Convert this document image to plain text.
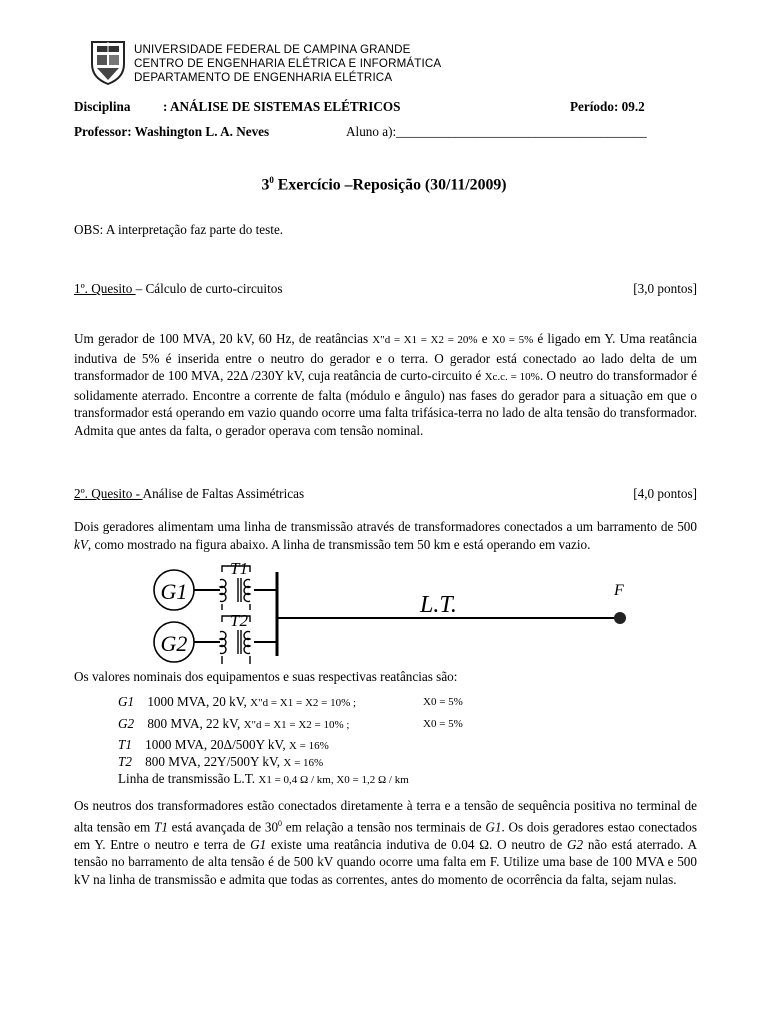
UNIVERSIDADE FEDERAL DE CAMPINA GRANDE
CENTRO DE ENGENHARIA ELÉTRICA E INFORMÁTICA
DEPARTAMENTO DE ENGENHARIA ELÉTRICA
Disciplina : ANÁLISE DE SISTEMAS ELÉTRICOS	Período: 09.2
Professor: Washington L. A. Neves	Aluno a):______________________________________
$3^0$ Exercício –Reposição (30/11/2009)
OBS: A interpretação faz parte do teste.
1º. Quesito – Cálculo de curto-circuitos	[3,0 pontos]
Um gerador de 100 MVA, 20 kV, 60 Hz, de reatâncias X"d = X1 = X2 = 20% e X0 = 5% é ligado em Y. Uma reatância indutiva de 5% é inserida entre o neutro do gerador e o terra. O gerador está conectado ao lado delta de um transformador de 100 MVA, 22Δ /230Y kV, cuja reatância de curto-circuito é Xc.c. = 10%. O neutro do transformador é solidamente aterrado. Encontre a corrente de falta (módulo e ângulo) nas fases do gerador para a situação em que o transformador está operando em vazio quando ocorre uma falta trifásica-terra no lado de alta tensão do transformador. Admita que antes da falta, o gerador operava com tensão nominal.
2º. Quesito - Análise de Faltas Assimétricas	[4,0 pontos]
Dois geradores alimentam uma linha de transmissão através de transformadores conectados a um barramento de 500 kV, como mostrado na figura abaixo. A linha de transmissão tem 50 km e está operando em vazio.
G1
G2
T1
T2
L.T.
F
Os valores nominais dos equipamentos e suas respectivas reatâncias são:
G1 1000 MVA, 20 kV, X"d = X1 = X2 = 10% ;	X0 = 5%
G2 800 MVA, 22 kV, X"d = X1 = X2 = 10% ;	X0 = 5%
T1 1000 MVA, 20Δ/500Y kV, X = 16%
T2 800 MVA, 22Y/500Y kV, X = 16%
Linha de transmissão L.T. X1 = 0,4 Ω / km, X0 = 1,2 Ω / km
Os neutros dos transformadores estão conectados diretamente à terra e a tensão de sequência positiva no terminal de alta tensão em T1 está avançada de $30^0$ em relação a tensão nos terminais de G1. Os dois geradores estao conectados em Y. Entre o neutro e terra de G1 existe uma reatância indutiva de 0.04 Ω. O neutro de G2 não está aterrado. A tensão no barramento de alta tensão é de 500 kV quando ocorre uma falta em F. Utilize uma base de 100 MVA e 500 kV na linha de transmissão e admita que todas as correntes, antes do momento de ocorrência da falta, sejam nulas.
